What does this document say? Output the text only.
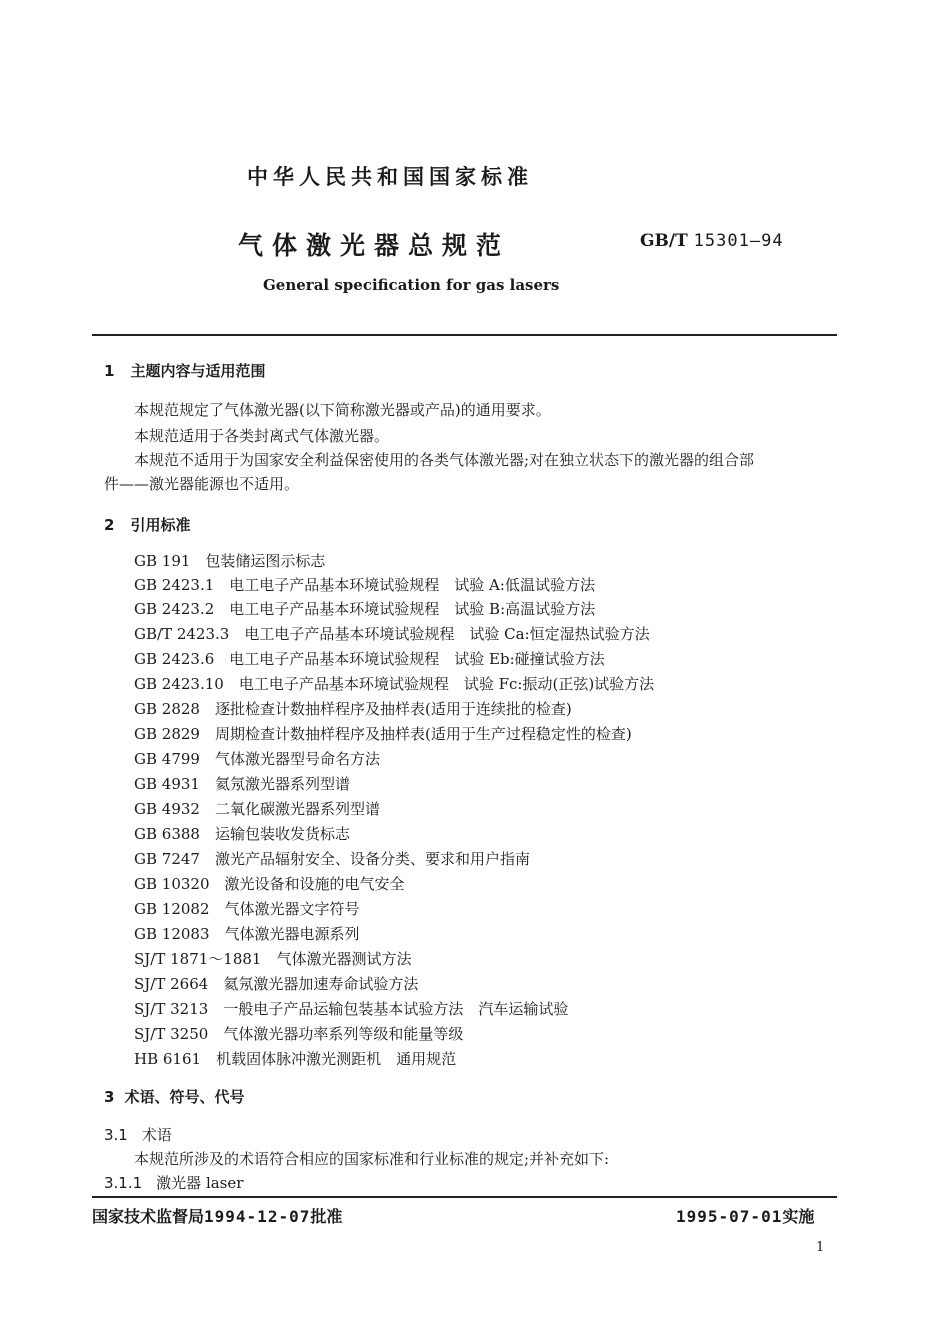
中华人民共和国国家标准
气体激光器总规范	GB/T 15301—94
General specification for gas lasers
1 主题内容与适用范围
本规范规定了气体激光器(以下简称激光器或产品)的通用要求。
本规范适用于各类封离式气体激光器。
本规范不适用于为国家安全利益保密使用的各类气体激光器;对在独立状态下的激光器的组合部
件——激光器能源也不适用。
2 引用标准
GB 191　 包装储运图示标志
GB 2423.1　 电工电子产品基本环境试验规程　试验 A:低温试验方法
GB 2423.2　 电工电子产品基本环境试验规程　试验 B:高温试验方法
GB/T 2423.3　 电工电子产品基本环境试验规程　试验 Ca:恒定湿热试验方法
GB 2423.6　 电工电子产品基本环境试验规程　试验 Eb:碰撞试验方法
GB 2423.10　 电工电子产品基本环境试验规程　试验 Fc:振动(正弦)试验方法
GB 2828　 逐批检查计数抽样程序及抽样表(适用于连续批的检查)
GB 2829　 周期检查计数抽样程序及抽样表(适用于生产过程稳定性的检查)
GB 4799　 气体激光器型号命名方法
GB 4931　 氦氖激光器系列型谱
GB 4932　 二氧化碳激光器系列型谱
GB 6388　 运输包装收发货标志
GB 7247　 激光产品辐射安全、设备分类、要求和用户指南
GB 10320　 激光设备和设施的电气安全
GB 12082　 气体激光器文字符号
GB 12083　 气体激光器电源系列
SJ/T 1871～1881　 气体激光器测试方法
SJ/T 2664　 氦氖激光器加速寿命试验方法
SJ/T 3213　 一般电子产品运输包装基本试验方法　汽车运输试验
SJ/T 3250　 气体激光器功率系列等级和能量等级
HB 6161　 机载固体脉冲激光测距机　通用规范
3 术语、符号、代号
3.1 术语
本规范所涉及的术语符合相应的国家标准和行业标准的规定;并补充如下:
3.1.1 激光器 laser
国家技术监督局1994-12-07批准	1995-07-01实施
1
